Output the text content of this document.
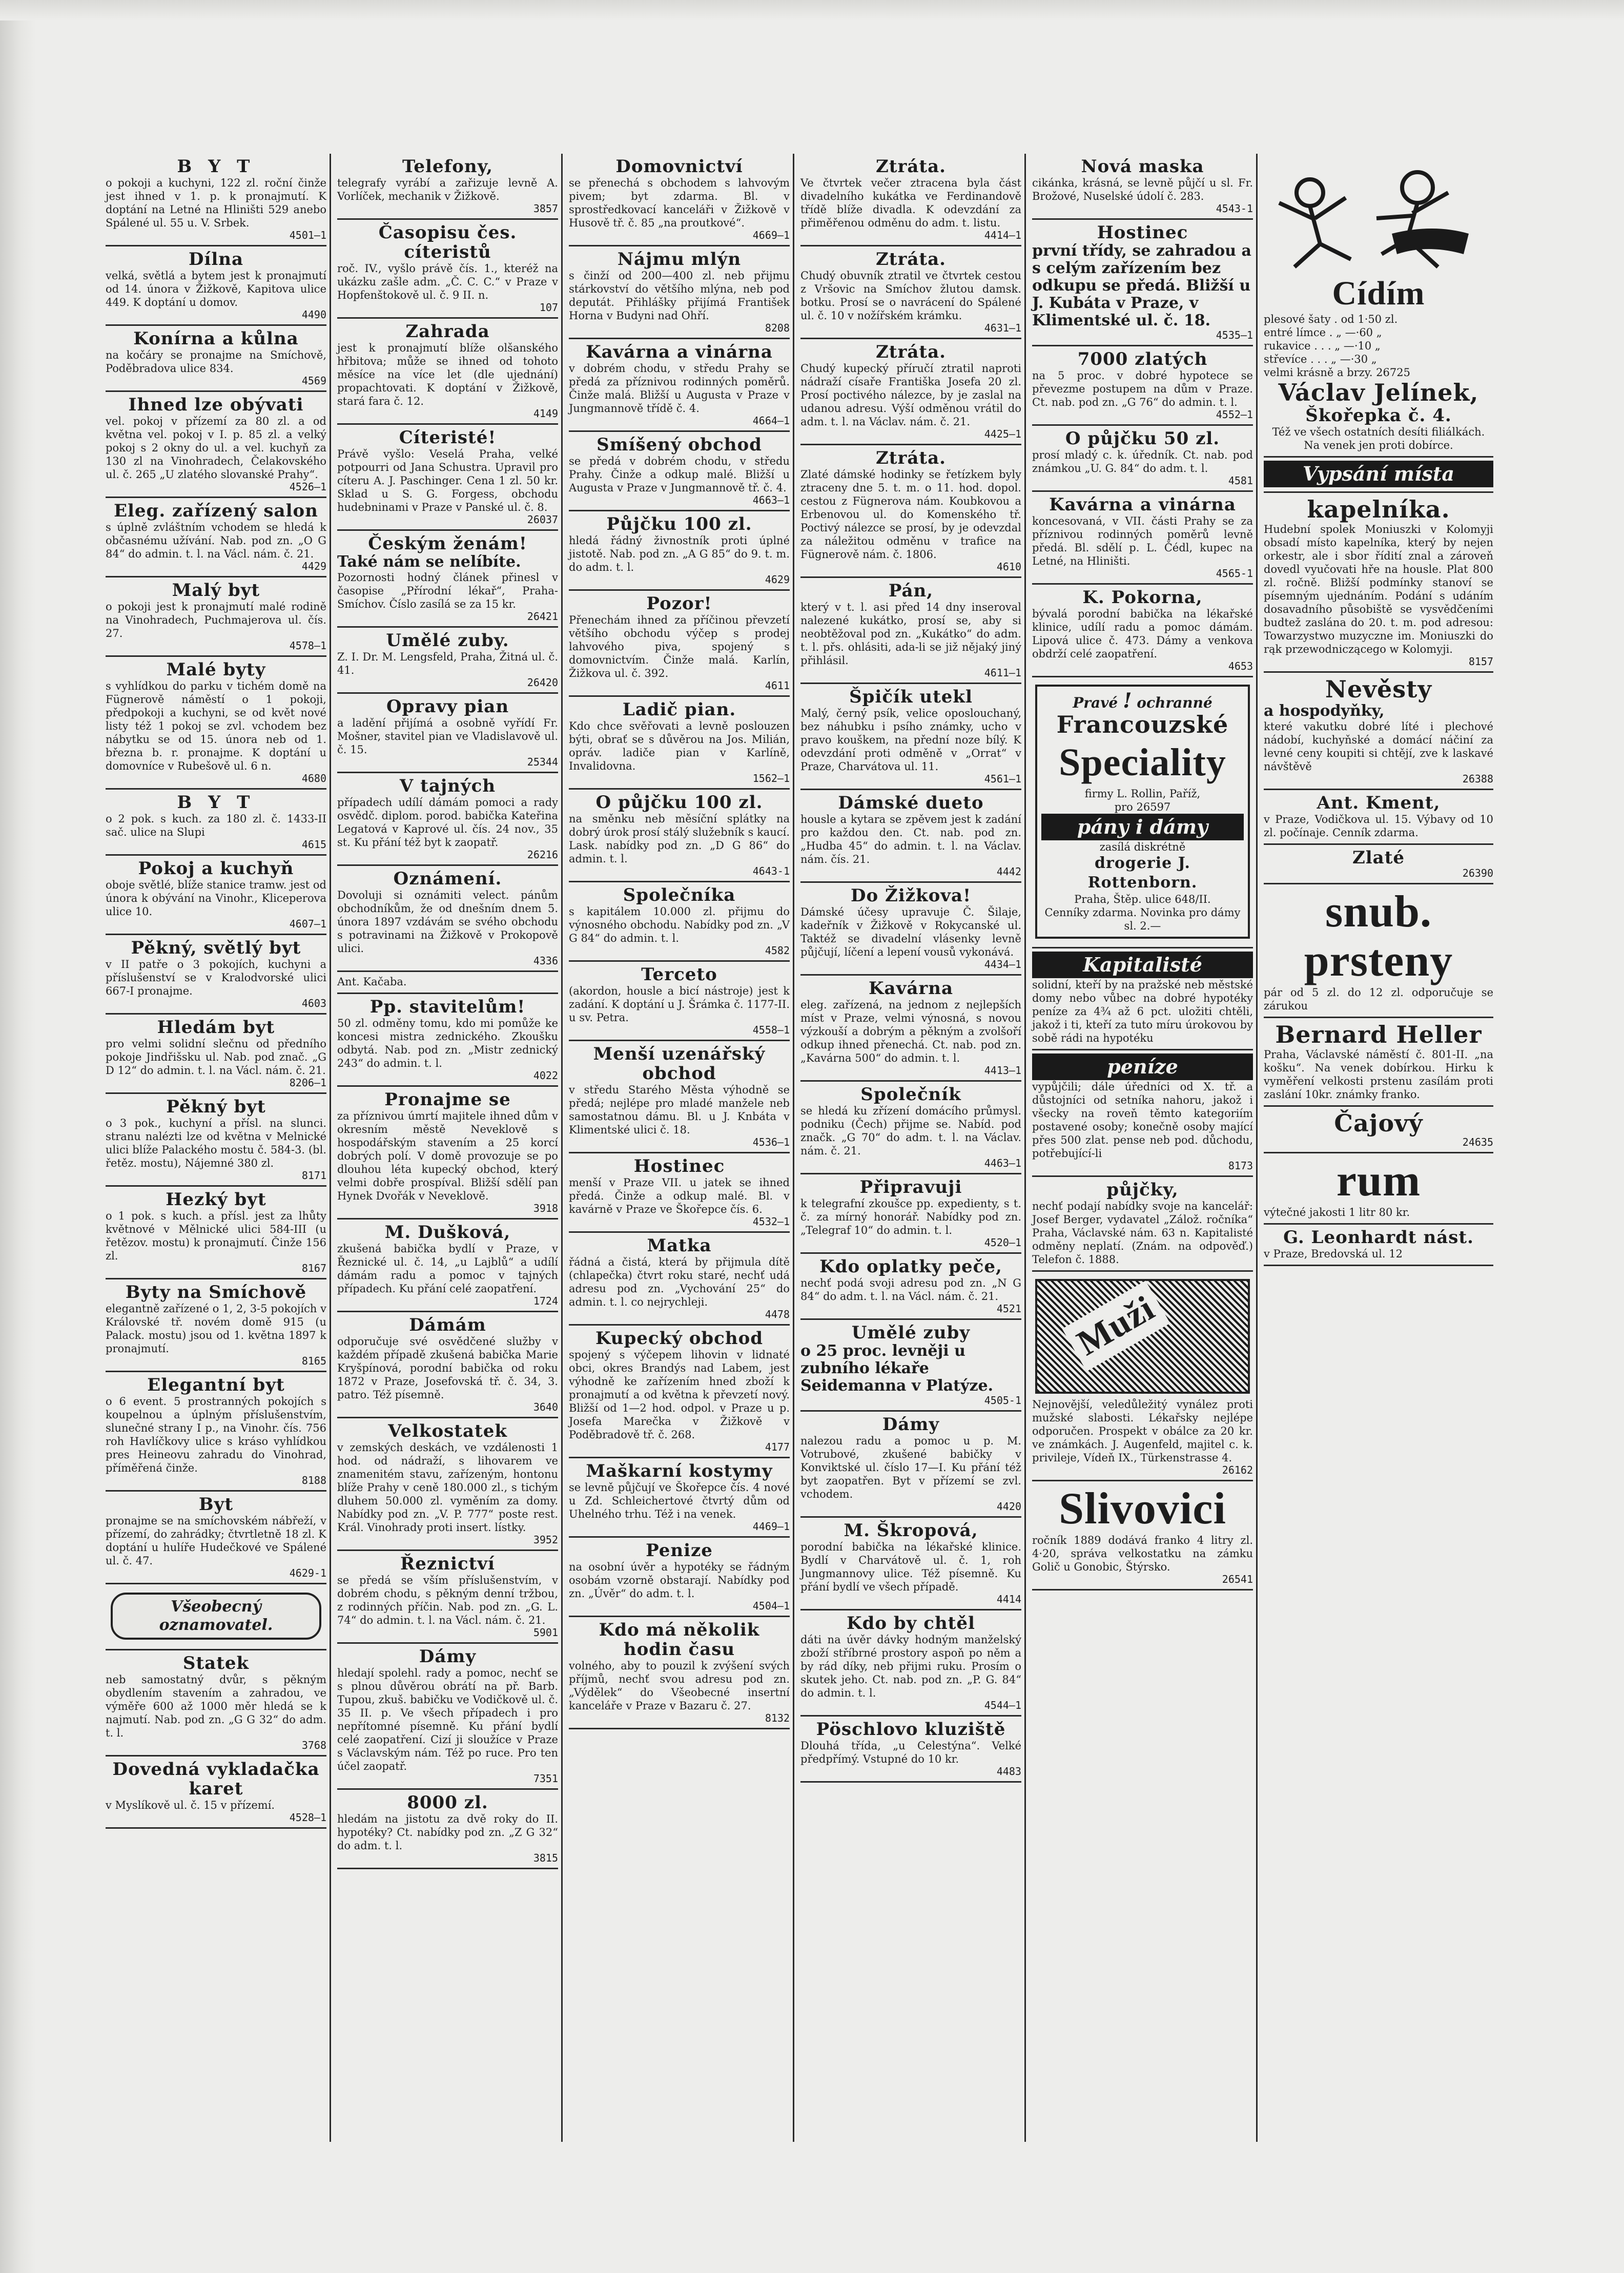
B Y T
o pokoji a kuchyni, 122 zl. roční činže jest ihned v 1. p. k pronajmutí. K doptání na Letné na Hliništi 529 anebo Spálené ul. 55 u. V. Srbek.
4501—1
Dílna
velká, světlá a bytem jest k pronajmutí od 14. února v Žižkově, Kapitova ulice 449. K doptání u domov.
4490
Konírna a kůlna
na kočáry se pronajme na Smíchově, Poděbradova ulice 834.
4569
Ihned lze obývati
vel. pokoj v přízemí za 80 zl. a od května vel. pokoj v I. p. 85 zl. a velký pokoj s 2 okny do ul. a vel. kuchyň za 130 zl na Vinohradech, Čelakovského ul. č. 265 „U zlatého slovanské Prahy“.
4526—1
Eleg. zařízený salon
s úplně zvláštním vchodem se hledá k občasnému užívání. Nab. pod zn. „O G 84“ do admin. t. l. na Václ. nám. č. 21.
4429
Malý byt
o pokoji jest k pronajmutí malé rodině na Vinohradech, Puchmajerova ul. čís. 27.
4578—1
Malé byty
s vyhlídkou do parku v tichém domě na Fügnerově náměstí o 1 pokoji, předpokoji a kuchyni, se od květ nové listy též 1 pokoj se zvl. vchodem bez nábytku se od 15. února neb od 1. března b. r. pronajme. K doptání u domovníce v Rubešově ul. 6 n.
4680
B Y T
o 2 pok. s kuch. za 180 zl. č. 1433-II sač. ulice na Slupi
4615
Pokoj a kuchyň
oboje světlé, blíže stanice tramw. jest od února k obývání na Vinohr., Kliceperova ulice 10.
4607—1
Pěkný, světlý byt
v II patře o 3 pokojích, kuchyni a příslušenství se v Kralodvorské ulici 667-I pronajme.
4603
Hledám byt
pro velmi solidní slečnu od předního pokoje Jindřišsku ul. Nab. pod znač. „G D 12“ do admin. t. l. na Václ. nám. č. 21.
8206—1
Pěkný byt
o 3 pok., kuchyní a přísl. na slunci. stranu nalézti lze od května v Melnické ulici blíže Palackého mostu č. 584-3. (bl. řetěz. mostu), Nájemné 380 zl.
8171
Hezký byt
o 1 pok. s kuch. a přísl. jest za lhůty květnové v Mělnické ulici 584-III (u řetězov. mostu) k pronajmutí. Činže 156 zl.
8167
Byty na Smíchově
elegantně zařízené o 1, 2, 3-5 pokojích v Královské tř. novém domě 915 (u Palack. mostu) jsou od 1. května 1897 k pronajmutí.
8165
Elegantní byt
o 6 event. 5 prostranných pokojích s koupelnou a úplným příslušenstvím, slunečné strany I p., na Vinohr. čís. 756 roh Havlíčkovy ulice s kráso vyhlídkou pres Heineovu zahradu do Vinohrad, příměřená činže.
8188
Byt
pronajme se na smíchovském nábřeží, v přízemí, do zahrádky; čtvrtletně 18 zl. K doptání u hulíře Hudečkové ve Spálené ul. č. 47.
4629-1
Všeobecný oznamovatel.
Statek
neb samostatný dvůr, s pěkným obydlením stavením a zahradou, ve výměře 600 až 1000 měr hledá se k najmutí. Nab. pod zn. „G G 32“ do adm. t. l.
3768
Dovedná vykladačka karet
v Myslíkově ul. č. 15 v přízemí.
4528—1
Telefony,
telegrafy vyrábí a zařizuje levně A. Vorlíček, mechanik v Žižkově.
3857
Časopisu čes. cíteristů
roč. IV., vyšlo právě čís. 1., kteréž na ukázku zašle adm. „Č. C. C.“ v Praze v Hopfenštokově ul. č. 9 II. n.
107
Zahrada
jest k pronajmutí blíže olšanského hřbitova; může se ihned od tohoto měsíce na více let (dle ujednání) propachtovati. K doptání v Žižkově, stará fara č. 12.
4149
Cíteristé!
Právě vyšlo: Veselá Praha, velké potpourri od Jana Schustra. Upravil pro cíteru A. J. Paschinger. Cena 1 zl. 50 kr. Sklad u S. G. Forgess, obchodu hudebninami v Praze v Panské ul. č. 8.
26037
Českým ženám!
Také nám se nelíbíte.
Pozornosti hodný článek přinesl v časopise „Přírodní lékař“, Praha-Smíchov. Číslo zasílá se za 15 kr.
26421
Umělé zuby.
Z. I. Dr. M. Lengsfeld, Praha, Žitná ul. č. 41.
26420
Opravy pian
a ladění přijímá a osobně vyřídí Fr. Mošner, stavitel pian ve Vladislavově ul. č. 15.
25344
V tajných
případech udílí dámám pomoci a rady osvědč. diplom. porod. babička Kateřina Legatová v Kaprové ul. čís. 24 nov., 35 st. Ku přání též byt k zaopatř.
26216
Oznámení.
Dovoluji si oznámiti velect. pánům obchodníkům, že od dnešním dnem 5. února 1897 vzdávám se svého obchodu s potravinami na Žižkově v Prokopově ulici.
4336
Ant. Kačaba.
Pp. stavitelům!
50 zl. odměny tomu, kdo mi pomůže ke koncesi mistra zednického. Zkoušku odbytá. Nab. pod zn. „Mistr zednický 243“ do admin. t. l.
4022
Pronajme se
za příznivou úmrtí majitele ihned dům v okresním městě Neveklově s hospodářským stavením a 25 korcí dobrých polí. V domě provozuje se po dlouhou léta kupecký obchod, který velmi dobře prospíval. Bližší sdělí pan Hynek Dvořák v Neveklově.
3918
M. Dušková,
zkušená babička bydlí v Praze, v Řeznické ul. č. 14, „u Lajblů“ a udílí dámám radu a pomoc v tajných případech. Ku přání celé zaopatření.
1724
Dámám
odporučuje své osvědčené služby v každém případě zkušená babička Marie Kryšpínová, porodní babička od roku 1872 v Praze, Josefovská tř. č. 34, 3. patro. Též písemně.
3640
Velkostatek
v zemských deskách, ve vzdálenosti 1 hod. od nádraží, s lihovarem ve znamenitém stavu, zařízeným, hontonu blíže Prahy v ceně 180.000 zl., s tichým dluhem 50.000 zl. vyměním za domy. Nabídky pod zn. „V. P. 777“ poste rest. Král. Vinohrady proti insert. lístky.
3952
Řeznictví
se předá se vším příslušenstvím, v dobrém chodu, s pěkným denní tržbou, z rodinných příčin. Nab. pod zn. „G. L. 74“ do admin. t. l. na Václ. nám. č. 21.
5901
Dámy
hledají spolehl. rady a pomoc, nechť se s plnou důvěrou obrátí na př. Barb. Tupou, zkuš. babičku ve Vodičkově ul. č. 35 II. p. Ve všech případech i pro nepřítomné písemně. Ku přání bydlí celé zaopatření. Cizí ji sloužíce v Praze s Václavským nám. Též po ruce. Pro ten účel zaopatř.
7351
8000 zl.
hledám na jistotu za dvě roky do II. hypotéky? Ct. nabídky pod zn. „Z G 32“ do adm. t. l.
3815
Domovnictví
se přenechá s obchodem s lahvovým pivem; byt zdarma. Bl. v sprostředkovací kanceláři v Žižkově v Husově tř. č. 85 „na proutkové“.
4669—1
Nájmu mlýn
s činží od 200—400 zl. neb přijmu stárkovství do většího mlýna, neb pod deputát. Přihlášky přijímá František Horna v Budyni nad Ohří.
8208
Kavárna a vinárna
v dobrém chodu, v středu Prahy se předá za příznivou rodinných poměrů. Činže malá. Bližší u Augusta v Praze v Jungmannově třídě č. 4.
4664—1
Smíšený obchod
se předá v dobrém chodu, v středu Prahy. Činže a odkup malé. Bližší u Augusta v Praze v Jungmannově tř. č. 4.
4663—1
Půjčku 100 zl.
hledá řádný živnostník proti úplné jistotě. Nab. pod zn. „A G 85“ do 9. t. m. do adm. t. l.
4629
Pozor!
Přenechám ihned za příčinou převzetí většího obchodu výčep s prodej lahvového piva, spojený s domovnictvím. Činže malá. Karlín, Žižkova ul. č. 392.
4611
Ladič pian.
Kdo chce svěřovati a levně poslouzen býti, obrať se s důvěrou na Jos. Milián, opráv. ladiče pian v Karlíně, Invalidovna.
1562—1
O půjčku 100 zl.
na směnku neb měsíční splátky na dobrý úrok prosí stálý služebník s kaucí. Lask. nabídky pod zn. „D G 86“ do admin. t. l.
4643-1
Společníka
s kapitálem 10.000 zl. přijmu do výnosného obchodu. Nabídky pod zn. „V G 84“ do admin. t. l.
4582
Terceto
(akordon, housle a bicí nástroje) jest k zadání. K doptání u J. Šrámka č. 1177-II. u sv. Petra.
4558—1
Menší uzenářský obchod
v středu Starého Města výhodně se předá; nejlépe pro mladé manžele neb samostatnou dámu. Bl. u J. Knbáta v Klimentské ulici č. 18.
4536—1
Hostinec
menší v Praze VII. u jatek se ihned předá. Činže a odkup malé. Bl. v kavárně v Praze ve Škořepce čís. 6.
4532—1
Matka
řádná a čistá, která by přijmula dítě (chlapečka) čtvrt roku staré, nechť udá adresu pod zn. „Vychování 25“ do admin. t. l. co nejrychleji.
4478
Kupecký obchod
spojený s výčepem lihovin v lidnaté obci, okres Brandýs nad Labem, jest výhodně ke zařízením hned zboží k pronajmutí a od května k převzetí nový. Bližší od 1—2 hod. odpol. v Praze u p. Josefa Marečka v Žižkově v Poděbradově tř. č. 268.
4177
Maškarní kostymy
se levně půjčují ve Škořepce čís. 4 nové u Zd. Schleichertové čtvrtý dům od Uhelného trhu. Též i na venek.
4469—1
Penize
na osobní úvěr a hypotéky se řádným osobám vzorně obstarají. Nabídky pod zn. „Úvěr“ do adm. t. l.
4504—1
Kdo má několik hodin času
volného, aby to pouzil k zvýšení svých příjmů, nechť svou adresu pod zn. „Výdělek“ do Všeobecné insertní kanceláře v Praze v Bazaru č. 27.
8132
Ztráta.
Ve čtvrtek večer ztracena byla část divadelního kukátka ve Ferdinandově třídě blíže divadla. K odevzdání za přiměřenou odměnu do adm. t. listu.
4414—1
Ztráta.
Chudý obuvník ztratil ve čtvrtek cestou z Vršovic na Smíchov žlutou damsk. botku. Prosí se o navrácení do Spálené ul. č. 10 v nožířském krámku.
4631—1
Ztráta.
Chudý kupecký příručí ztratil naproti nádraží císaře Františka Josefa 20 zl. Prosí poctivého nálezce, by je zaslal na udanou adresu. Výší odměnou vrátil do adm. t. l. na Václav. nám. č. 21.
4425—1
Ztráta.
Zlaté dámské hodinky se řetízkem byly ztraceny dne 5. t. m. o 11. hod. dopol. cestou z Fügnerova nám. Koubkovou a Erbenovou ul. do Komenského tř. Poctivý nálezce se prosí, by je odevzdal za náležitou odměnu v trafice na Fügnerově nám. č. 1806.
4610
Pán,
který v t. l. asi před 14 dny inseroval nalezené kukátko, prosí se, aby si neobtěžoval pod zn. „Kukátko“ do adm. t. l. přs. ohlásiti, ada-li se již nějaký jiný přihlásil.
4611—1
Špičík utekl
Malý, černý psík, velice oposlouchaný, bez náhubku i psího známky, ucho v pravo kouškem, na přední noze bílý. K odevzdání proti odměně v „Orrat“ v Praze, Charvátova ul. 11.
4561—1
Dámské dueto
housle a kytara se zpěvem jest k zadání pro každou den. Ct. nab. pod zn. „Hudba 45“ do admin. t. l. na Václav. nám. čís. 21.
4442
Do Žižkova!
Dámské účesy upravuje Č. Šilaje, kadeřník v Žižkově v Rokycanské ul. Taktéž se divadelní vlásenky levně půjčují, líčení a lepení vousů vykonává.
4434—1
Kavárna
eleg. zařízená, na jednom z nejlepších míst v Praze, velmi výnosná, s novou výzkouší a dobrým a pěkným a zvolšoří odkup ihned přenechá. Ct. nab. pod zn. „Kavárna 500“ do admin. t. l.
4413—1
Společník
se hledá ku zřízení domácího průmysl. podniku (Čech) přijme se. Nabíd. pod značk. „G 70“ do adm. t. l. na Václav. nám. č. 21.
4463—1
Připravuji
k telegrafní zkoušce pp. expedienty, s t. č. za mírný honorář. Nabídky pod zn. „Telegraf 10“ do admin. t. l.
4520—1
Kdo oplatky peče,
nechť podá svoji adresu pod zn. „N G 84“ do adm. t. l. na Václ. nám. č. 21.
4521
Umělé zuby
o 25 proc. levněji u zubního lékaře Seidemanna v Platýze.
4505-1
Dámy
nalezou radu a pomoc u p. M. Votrubové, zkušené babičky v Konviktské ul. číslo 17—I. Ku přání též byt zaopatřen. Byt v přízemí se zvl. vchodem.
4420
M. Škropová,
porodní babička na lékařské klinice. Bydlí v Charvátově ul. č. 1, roh Jungmannovy ulice. Též písemně. Ku přání bydlí ve všech případě.
4414
Kdo by chtěl
dáti na úvěr dávky hodným manželský zboží stříbrné prostory aspoň po něm a by rád díky, neb přijmi ruku. Prosím o skutek jeho. Ct. nab. pod zn. „P. G. 84“ do admin. t. l.
4544—1
Pöschlovo kluziště
Dlouhá třída, „u Celestýna“. Velké předpřímý. Vstupné do 10 kr.
4483
Nová maska
cikánka, krásná, se levně půjčí u sl. Fr. Brožové, Nuselské údolí č. 283.
4543-1
Hostinec
první třídy, se zahradou a s celým zařízením bez odkupu se předá. Bližší u J. Kubáta v Praze, v Klimentské ul. č. 18.
4535—1
7000 zlatých
na 5 proc. v dobré hypotece se převezme postupem na dům v Praze. Ct. nab. pod zn. „G 76“ do admin. t. l.
4552—1
O půjčku 50 zl.
prosí mladý c. k. úředník. Ct. nab. pod známkou „U. G. 84“ do adm. t. l.
4581
Kavárna a vinárna
koncesovaná, v VII. části Prahy se za příznivou rodinných poměrů levně předá. Bl. sdělí p. L. Čédl, kupec na Letné, na Hliništi.
4565-1
K. Pokorna,
bývalá porodní babička na lékařské klinice, udílí radu a pomoc dámám. Lipová ulice č. 473. Dámy a venkova obdrží celé zaopatření.
4653
Pravé ! ochranné
Francouzské
Speciality
firmy L. Rollin, Paříž,
pro 26597
pány i dámy
zasílá diskrétně
drogerie J. Rottenborn.
Praha, Štěp. ulice 648/II.
Cenníky zdarma. Novinka pro dámy sl. 2.—
Kapitalisté
solidní, kteří by na pražské neb městské domy nebo vůbec na dobré hypotéky peníze za 4¾ až 6 pct. uložiti chtěli, jakož i ti, kteří za tuto míru úrokovou by sobě rádi na hypotéku
peníze
vypůjčili; dále úředníci od X. tř. a důstojníci od setníka nahoru, jakož i všecky na roveň těmto kategoriím postavené osoby; konečně osoby mající přes 500 zlat. pense neb pod. důchodu, potřebující-li
8173
půjčky,
nechť podají nabídky svoje na kancelář: Josef Berger, vydavatel „Zálož. ročníka“ Praha, Václavské nám. 63 n. Kapitalisté odměny neplatí. (Znám. na odpověď.) Telefon č. 1888.
Muži
Nejnovější, veledůležitý vynález proti mužské slabosti. Lékařsky nejlépe odporučen. Prospekt v obálce za 20 kr. ve známkách. J. Augenfeld, majitel c. k. privileje, Vídeň IX., Türkenstrasse 4.
26162
Slivovici
ročník 1889 dodává franko 4 litry zl. 4·20, správa velkostatku na zámku Golič u Gonobic, Štýrsko.
26541
Cídím
plesové šaty . od 1·50 zl.
entré límce . „ —·60 „
rukavice . . . „ —·10 „
střevíce . . . „ —·30 „
velmi krásně a brzy. 26725
Václav Jelínek,
Škořepka č. 4.
Též ve všech ostatních desíti filiálkách. Na venek jen proti dobírce.
Vypsání místa
kapelníka.
Hudební spolek Moniuszki v Kolomyji obsadí místo kapelníka, který by nejen orkestr, ale i sbor řídití znal a zároveň dovedl vyučovati hře na housle. Plat 800 zl. ročně. Bližší podmínky stanoví se písemným ujednáním. Podání s udáním dosavadního působiště se vysvědčeními budtež zaslána do 20. t. m. pod adresou: Towarzystwo muzyczne im. Moniuszki do rąk przewodniczącego w Kolomyji.
8157
Nevěsty
a hospodyňky,
které vakutku dobré líté i plechové nádobí, kuchyňské a domácí náčiní za levné ceny koupiti si chtějí, zve k laskavé návštěvě
26388
Ant. Kment,
v Praze, Vodičkova ul. 15. Výbavy od 10 zl. počínaje. Cenník zdarma.
Zlaté
26390
snub. prsteny
pár od 5 zl. do 12 zl. odporučuje se zárukou
Bernard Heller
Praha, Václavské náměstí č. 801-II. „na košku“. Na venek dobírkou. Hirku k vyměření velkosti prstenu zasílám proti zaslání 10kr. známky franko.
Čajový
24635
rum
výtečné jakosti 1 litr 80 kr.
G. Leonhardt nást.
v Praze, Bredovská ul. 12
